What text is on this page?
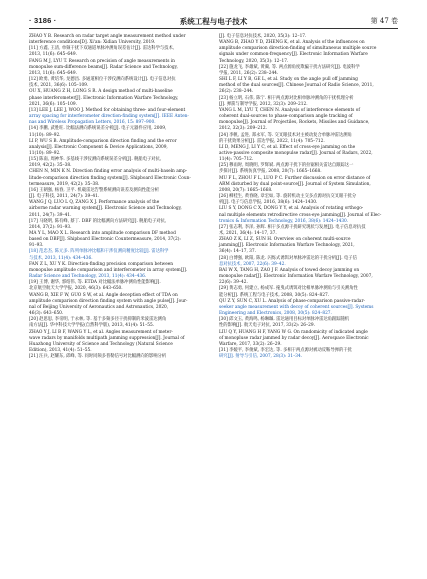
· 3186 ·	系统工程与电子技术	第 47 卷

ZHAO Y B. Research on radar target angle measurement method under
interference conditions[D]. Xi'an: Xidian University, 2019.

[11] 方鑫, 王清, 单频干扰下双通道单脉冲测角误差估计[J]. 雷达科学与技术,
2013, 11(6): 645–649.

FANG M J, LYU T. Research on precision of angle measurements in
monopulse sum-difference beams[J]. Radar Science and Technology,
2013, 11(6): 645–649.

[12] 欧勇, 黄培华, 龙德昌. 多通道相位干涉仪测向系统设计[J]. 电子信息对抗
技术, 2021, 36(6): 105–109.

OU X, HUANG Z H, LONG S R. A design method of multi-baseline
phase interferometer[J]. Electronic Information Warfare Technology,
2021, 36(6): 105–109.

[13] LEE J, LEE J, WOO J. Method for obtaining three- and four-element
array spacing for interferometer direction-finding system[J]. IEEE Anten-
nas and Wireless Propagation Letters, 2016, 15: 897–900.

[14] 李鹏, 武胜旺. 比幅法测向系统误差分析[J]. 电子元器件应用, 2009,
11(10): 89–92.

LI P, WU S B. Amplitude-comparison direction finding and the error
analysis[J]. Electronic Component & Device Applications, 2009,
11(10): 89–92.

[15] 陈南, 周神华. 多基线干涉仪测向系统误差分析[J]. 舰船电子对抗,
2019, 42(2): 35–38.

CHEN N, MIN K N. Direction finding error analysis of multi-baseln amp-
litude-comparison direction finding system[J]. Shipboard Electronic Coun-
termeasure, 2019, 42(2): 35–38.

[16] 王朝强, 杨春, 卫平. 机载雷达告警系统测向误差及测向性能分析
[J]. 电子科技, 2011, 24(7): 39–41.

WANG J Q, LUO L Q, ZANG X J. Performance analysis of the
airborne radar warning system[J]. Electronic Science and Technology,
2011, 24(7): 39–41.

[17] 马晓明, 陈有峰, 蔡丁. DBF 的比幅测向方法研究[J]. 舰船电子对抗,
2014, 37(2): 91–93.

MA Y L, MAO X L. Research into amplitude comparison DF method
based on DBF[J]. Shipboard Electronic Countermeasure, 2014, 37(2):
91–93.

[18] 范忠杰, 陈元多. 阵列单脉冲比幅和干涉仪测向精度比较[J]. 雷达科学
与技术, 2013, 11(4): 434–436.

FAN Z L, XU Y K. Direction-finding precision comparison between
monopulse amplitude comparison and interferometer in array system[J].
Radar Science and Technology, 2013, 11(4): 434–436.

[19] 王博, 谢华, 郭绍伟, 等. ETDA 对比幅法单脉冲测角性能影响[J].
北京航空航天大学学报, 2020, 46(3): 643–650.

WANG B, XIE F W, GUO S W, et al. Angle deception effect of TDA on
amplitude comparison direction finding system with angle pulse[J]. Jour-
nal of Beijing University of Aeronautics and Astronautics, 2020,
46(3): 643–650.

[20] 赵思思, 李帝明, 于永林, 等. 基于多频多径干扰抑制的米波雷达测角
南方法[J]. 华中科技大学学报(自然科学版), 2013, 41(4): 51–55.

ZHAO Y J, LI B F, WANG Y L, et al. Angles measurement of meter-
wave radars by manifolds multipath jamming suppression[J]. Journal of
Huazhong University of Science and Technology (Natural Science
Edition), 2013, 41(4): 51–55.

[21] 汪兵, 赵耀东, 邱峰, 等. 同时同频多普勒信号对比幅测向的影响分析

[J]. 电子信息对抗技术, 2020, 35(3): 12–17.

WANG B, ZHAO Y D, ZHENG K, et al. Analysis of the influences on
amplitude comparison direction-finding of simultaneous multiple source
signals under common-frequency[J]. Electronic Information Warfare
Technology, 2020, 35(3): 12–17.

[22] 施龙飞, 李雄斌, 黄蔺, 等. 两点源角度欺骗干扰方法研究[J]. 电波科学
学报, 2011, 26(2): 238–244.

SHI L F, LI Y B, GE L, et al. Study on the angle pull off jamming
method of the dual sources[J]. Chinese Journal of Radio Science, 2011,
26(2): 238–244.

[23] 杨立明, 石伟, 陈宁. 相干两点源对比相单脉冲测角的干扰机理分析
[J]. 弹箭与制导学报, 2012, 32(3): 209–212.

YANG L M, LYU T, CHEN N. Analysis of interference elements of
coherent dual-sources to phase-comparison angle tracking of
monopulse[J]. Journal of Projectiles, Rockets, Missiles and Guidance,
2012, 32(3): 209–212.

[24] 李帆, 孟进, 郑永军, 等. 交叉眼技术对主被动复合单脉冲雷达测角
的干扰效果分析[J]. 雷达学报, 2022, 11(4): 705–712.

LI D, MENG J, LI Y C, et al. Effect of cross-eye jamming on the
active-passive composite monopulse radar[J]. Journal of Radars, 2022,
11(4): 705–712.

[25] 穆雨时, 周晓明, 罗辉斌. 两点源干扰下的拉锯相关雷达自跟踪这一
步探讨[J]. 系统仿真学报, 2008, 20(7): 1665–1668.

MU F L, ZHOU F L, LUO P C. Further discussion on error distance of
ARM disturbed by dual point-source[J]. Journal of System Simulation,
2008, 20(7): 1665–1668.

[26] 柳桂生, 黄春晓, 章宏如, 等. 旋转机动主交多点源对抗交叉眼干扰分
析[J]. 电子与信息学报, 2016, 38(6): 1424–1430.

LIU S Y, DONG C X, DONG Y Y, et al. Analysis of rotating orthogo-
nal multiple elements retrodirective cross-eye jamming[J]. Journal of Elec-
tronics & Information Technology, 2016, 38(6): 1424–1430.

[27] 张志利, 李泽, 孙辉. 相干多点源干扰研究现状与发展[J]. 电子信息对抗技
术, 2021, 36(4): 14–17, 37.

ZHAO Z K, LI Z, SUN H. Overview on coherent multi-source
jamming[J]. Electronic Information Warfare Technology, 2021,
36(4): 14–17, 37.

[28] 白博强, 欧阳, 陈龙. 闪烁式诱饵对单脉冲雷达的干扰分析[J]. 电子信
息对抗技术, 2007, 22(6): 39–42.

BAI W X, TANG H, ZAO J F. Analysis of towed decoy jamming on
monopulse radar[J]. Electronic Information Warfare Technology, 2007,
22(6): 39–42.

[29] 黄志勇, 何建立, 杨成军. 拖曳式诱饵对比相单脉冲测角与引关测角性
能分析[J]. 系统工程与电子技术, 2008, 30(5): 824–827.

QU Z Y, SUN C, XU L. Analysis of phase-comparison passive-radar-
seeker angle measurement with decoy of coherent sources[J]. Systems
Engineering and Electronics, 2008, 30(5): 824–827.

[30] 邱文玉, 黄海鸣, 杨琳珮. 雷达通用目标对单脉冲雷达角跟踪随机
性的影响[J]. 航天电子对抗, 2017, 33(2): 26–29.

LIU Q Y, HUANG H F, YANG W G. On randomicity of indicated angle
of monopluse radar jammed by radar decoy[J]. Aerospace Electronic
Warfare, 2017, 33(2): 26–29.

[31] 李媛平, 李俊斌, 李宏达, 等. 多相干两点源对被动反鞍导弹的干扰
研究[J]. 射导与引信, 2007, 28(3): 31–34.
